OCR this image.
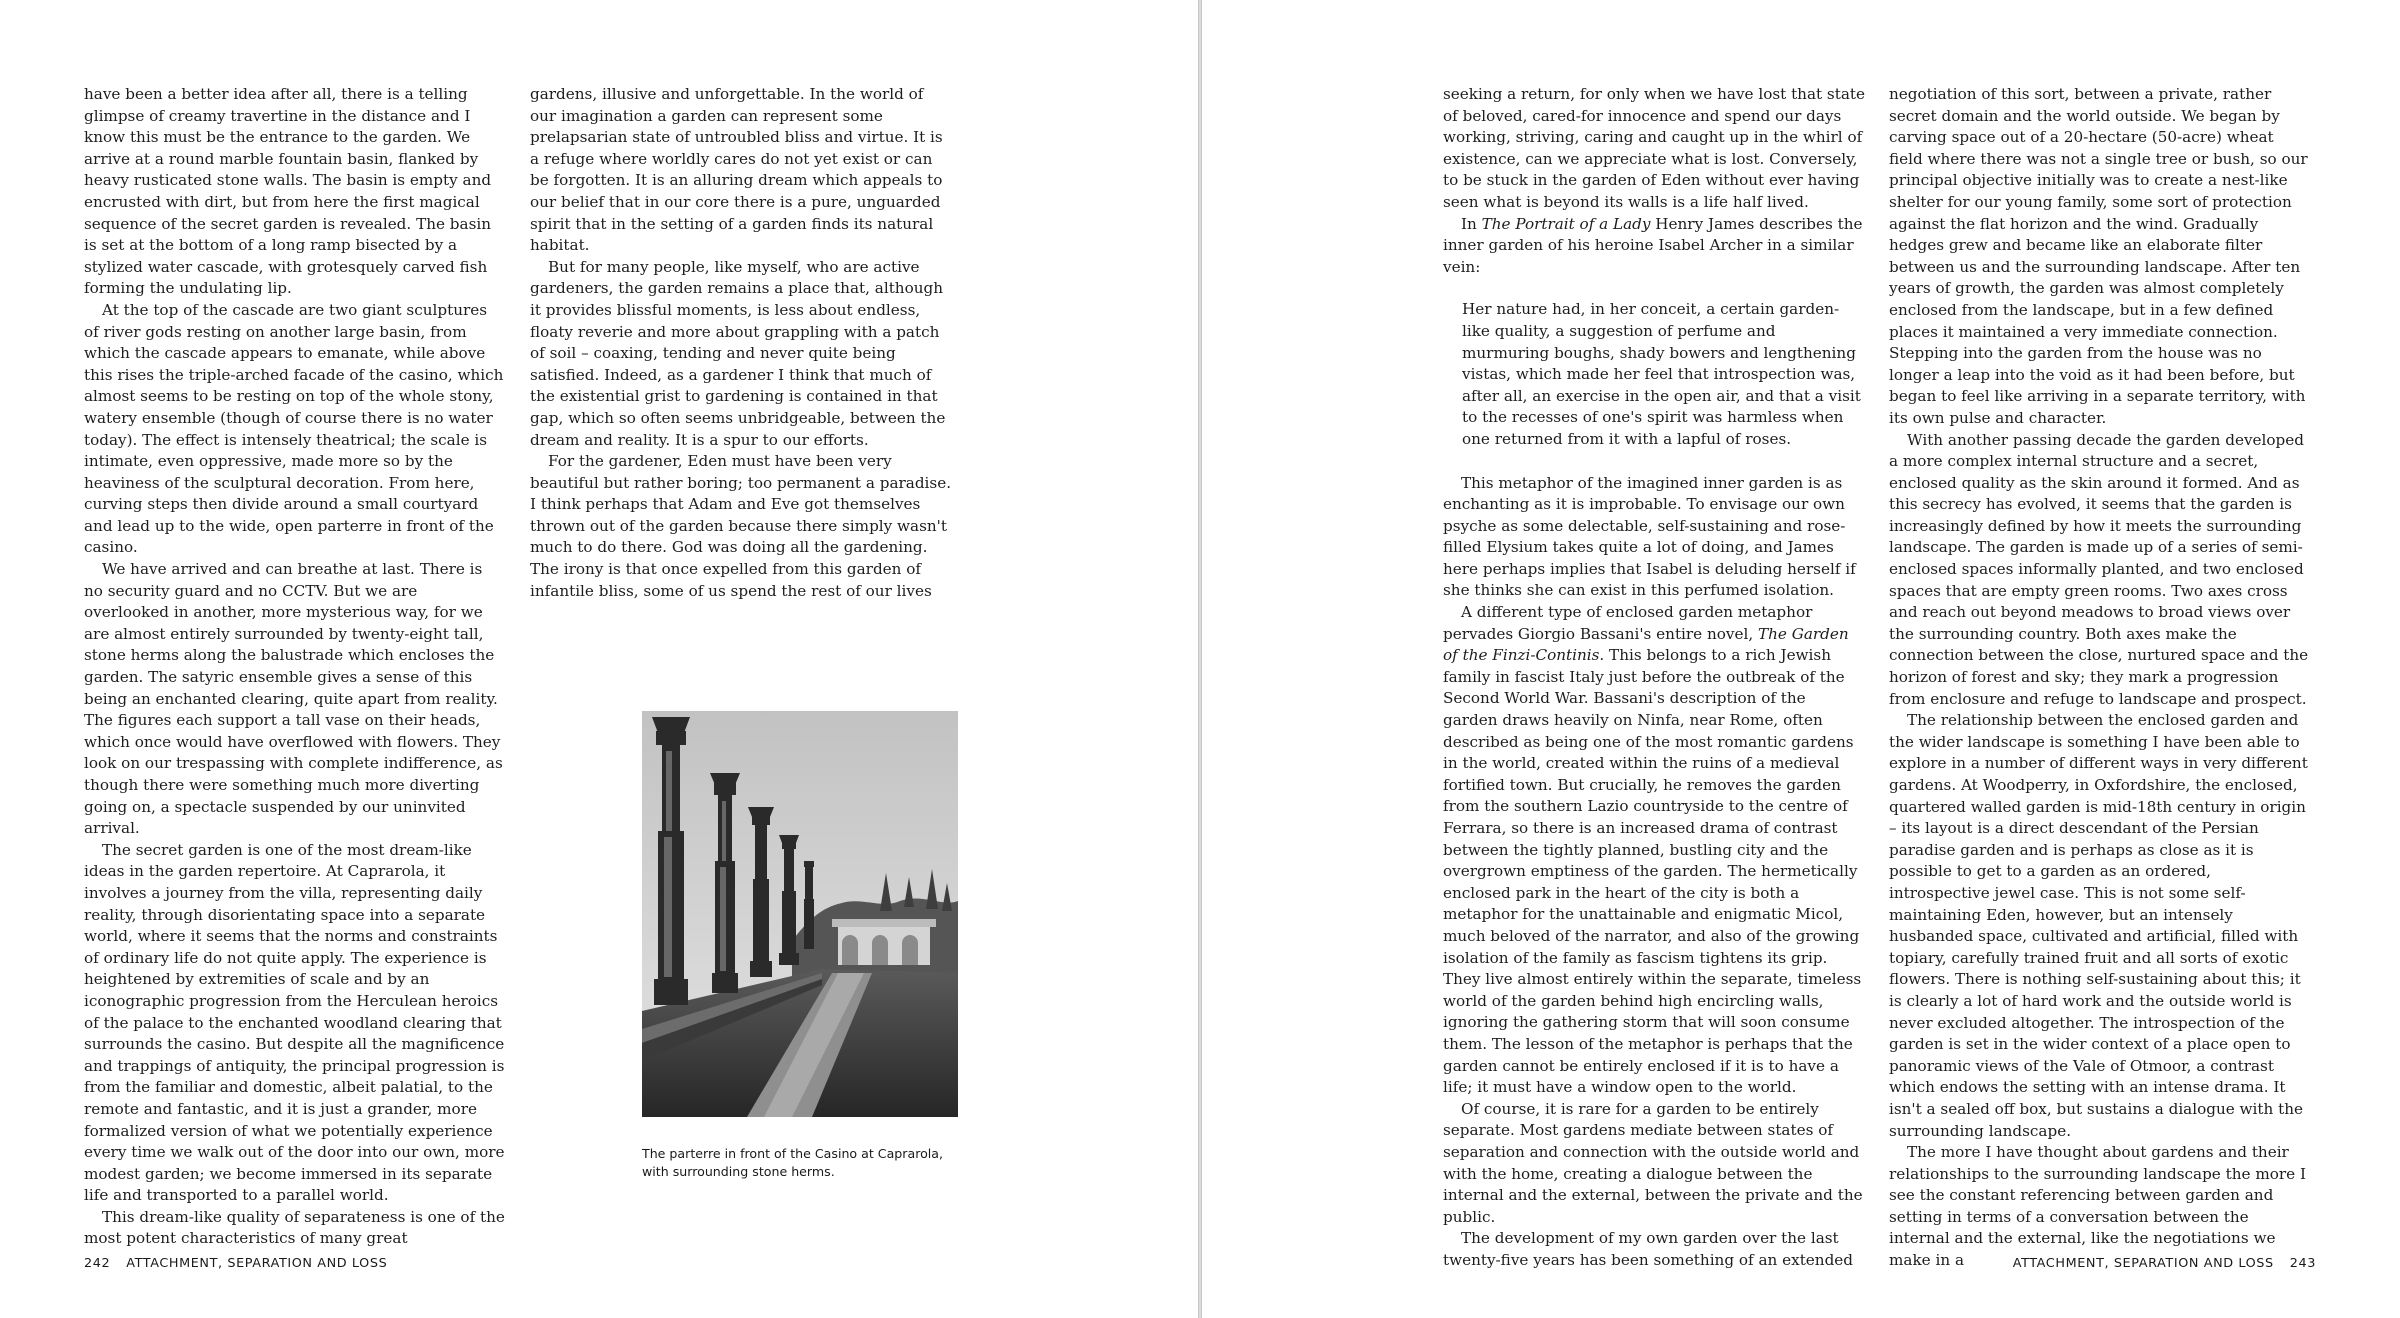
have been a better idea after all, there is a telling glimpse of creamy travertine in the distance and I know this must be the entrance to the garden. We arrive at a round marble fountain basin, flanked by heavy rusticated stone walls. The basin is empty and encrusted with dirt, but from here the first magical sequence of the secret garden is revealed. The basin is set at the bottom of a long ramp bisected by a stylized water cascade, with grotesquely carved fish forming the undulating lip.

At the top of the cascade are two giant sculptures of river gods resting on another large basin, from which the cascade appears to emanate, while above this rises the triple-arched facade of the casino, which almost seems to be resting on top of the whole stony, watery ensemble (though of course there is no water today). The effect is intensely theatrical; the scale is intimate, even oppressive, made more so by the heaviness of the sculptural decoration. From here, curving steps then divide around a small courtyard and lead up to the wide, open parterre in front of the casino.

We have arrived and can breathe at last. There is no security guard and no CCTV. But we are overlooked in another, more mysterious way, for we are almost entirely surrounded by twenty-eight tall, stone herms along the balustrade which encloses the garden. The satyric ensemble gives a sense of this being an enchanted clearing, quite apart from reality. The figures each support a tall vase on their heads, which once would have overflowed with flowers. They look on our trespassing with complete indifference, as though there were something much more diverting going on, a spectacle suspended by our uninvited arrival.

The secret garden is one of the most dream-like ideas in the garden repertoire. At Caprarola, it involves a journey from the villa, representing daily reality, through disorientating space into a separate world, where it seems that the norms and constraints of ordinary life do not quite apply. The experience is heightened by extremities of scale and by an iconographic progression from the Herculean heroics of the palace to the enchanted woodland clearing that surrounds the casino. But despite all the magnificence and trappings of antiquity, the principal progression is from the familiar and domestic, albeit palatial, to the remote and fantastic, and it is just a grander, more formalized version of what we potentially experience every time we walk out of the door into our own, more modest garden; we become immersed in its separate life and transported to a parallel world.

This dream-like quality of separateness is one of the most potent characteristics of many great

gardens, illusive and unforgettable. In the world of our imagination a garden can represent some prelapsarian state of untroubled bliss and virtue. It is a refuge where worldly cares do not yet exist or can be forgotten. It is an alluring dream which appeals to our belief that in our core there is a pure, unguarded spirit that in the setting of a garden finds its natural habitat.

But for many people, like myself, who are active gardeners, the garden remains a place that, although it provides blissful moments, is less about endless, floaty reverie and more about grappling with a patch of soil – coaxing, tending and never quite being satisfied. Indeed, as a gardener I think that much of the existential grist to gardening is contained in that gap, which so often seems unbridgeable, between the dream and reality. It is a spur to our efforts.

For the gardener, Eden must have been very beautiful but rather boring; too permanent a paradise. I think perhaps that Adam and Eve got themselves thrown out of the garden because there simply wasn't much to do there. God was doing all the gardening. The irony is that once expelled from this garden of infantile bliss, some of us spend the rest of our lives

The parterre in front of the Casino at Caprarola, with surrounding stone herms.
242 ATTACHMENT, SEPARATION AND LOSS

seeking a return, for only when we have lost that state of beloved, cared-for innocence and spend our days working, striving, caring and caught up in the whirl of existence, can we appreciate what is lost. Conversely, to be stuck in the garden of Eden without ever having seen what is beyond its walls is a life half lived.

In The Portrait of a Lady Henry James describes the inner garden of his heroine Isabel Archer in a similar vein:

Her nature had, in her conceit, a certain garden-like quality, a suggestion of perfume and murmuring boughs, shady bowers and lengthening vistas, which made her feel that introspection was, after all, an exercise in the open air, and that a visit to the recesses of one's spirit was harmless when one returned from it with a lapful of roses.

This metaphor of the imagined inner garden is as enchanting as it is improbable. To envisage our own psyche as some delectable, self-sustaining and rose-filled Elysium takes quite a lot of doing, and James here perhaps implies that Isabel is deluding herself if she thinks she can exist in this perfumed isolation.

A different type of enclosed garden metaphor pervades Giorgio Bassani's entire novel, The Garden of the Finzi-Continis. This belongs to a rich Jewish family in fascist Italy just before the outbreak of the Second World War. Bassani's description of the garden draws heavily on Ninfa, near Rome, often described as being one of the most romantic gardens in the world, created within the ruins of a medieval fortified town. But crucially, he removes the garden from the southern Lazio countryside to the centre of Ferrara, so there is an increased drama of contrast between the tightly planned, bustling city and the overgrown emptiness of the garden. The hermetically enclosed park in the heart of the city is both a metaphor for the unattainable and enigmatic Micol, much beloved of the narrator, and also of the growing isolation of the family as fascism tightens its grip. They live almost entirely within the separate, timeless world of the garden behind high encircling walls, ignoring the gathering storm that will soon consume them. The lesson of the metaphor is perhaps that the garden cannot be entirely enclosed if it is to have a life; it must have a window open to the world.

Of course, it is rare for a garden to be entirely separate. Most gardens mediate between states of separation and connection with the outside world and with the home, creating a dialogue between the internal and the external, between the private and the public.

The development of my own garden over the last twenty-five years has been something of an extended

negotiation of this sort, between a private, rather secret domain and the world outside. We began by carving space out of a 20-hectare (50-acre) wheat field where there was not a single tree or bush, so our principal objective initially was to create a nest-like shelter for our young family, some sort of protection against the flat horizon and the wind. Gradually hedges grew and became like an elaborate filter between us and the surrounding landscape. After ten years of growth, the garden was almost completely enclosed from the landscape, but in a few defined places it maintained a very immediate connection. Stepping into the garden from the house was no longer a leap into the void as it had been before, but began to feel like arriving in a separate territory, with its own pulse and character.

With another passing decade the garden developed a more complex internal structure and a secret, enclosed quality as the skin around it formed. And as this secrecy has evolved, it seems that the garden is increasingly defined by how it meets the surrounding landscape. The garden is made up of a series of semi-enclosed spaces informally planted, and two enclosed spaces that are empty green rooms. Two axes cross and reach out beyond meadows to broad views over the surrounding country. Both axes make the connection between the close, nurtured space and the horizon of forest and sky; they mark a progression from enclosure and refuge to landscape and prospect.

The relationship between the enclosed garden and the wider landscape is something I have been able to explore in a number of different ways in very different gardens. At Woodperry, in Oxfordshire, the enclosed, quartered walled garden is mid-18th century in origin – its layout is a direct descendant of the Persian paradise garden and is perhaps as close as it is possible to get to a garden as an ordered, introspective jewel case. This is not some self-maintaining Eden, however, but an intensely husbanded space, cultivated and artificial, filled with topiary, carefully trained fruit and all sorts of exotic flowers. There is nothing self-sustaining about this; it is clearly a lot of hard work and the outside world is never excluded altogether. The introspection of the garden is set in the wider context of a place open to panoramic views of the Vale of Otmoor, a contrast which endows the setting with an intense drama. It isn't a sealed off box, but sustains a dialogue with the surrounding landscape.

The more I have thought about gardens and their relationships to the surrounding landscape the more I see the constant referencing between garden and setting in terms of a conversation between the internal and the external, like the negotiations we make in a	ATTACHMENT, SEPARATION AND LOSS 243
